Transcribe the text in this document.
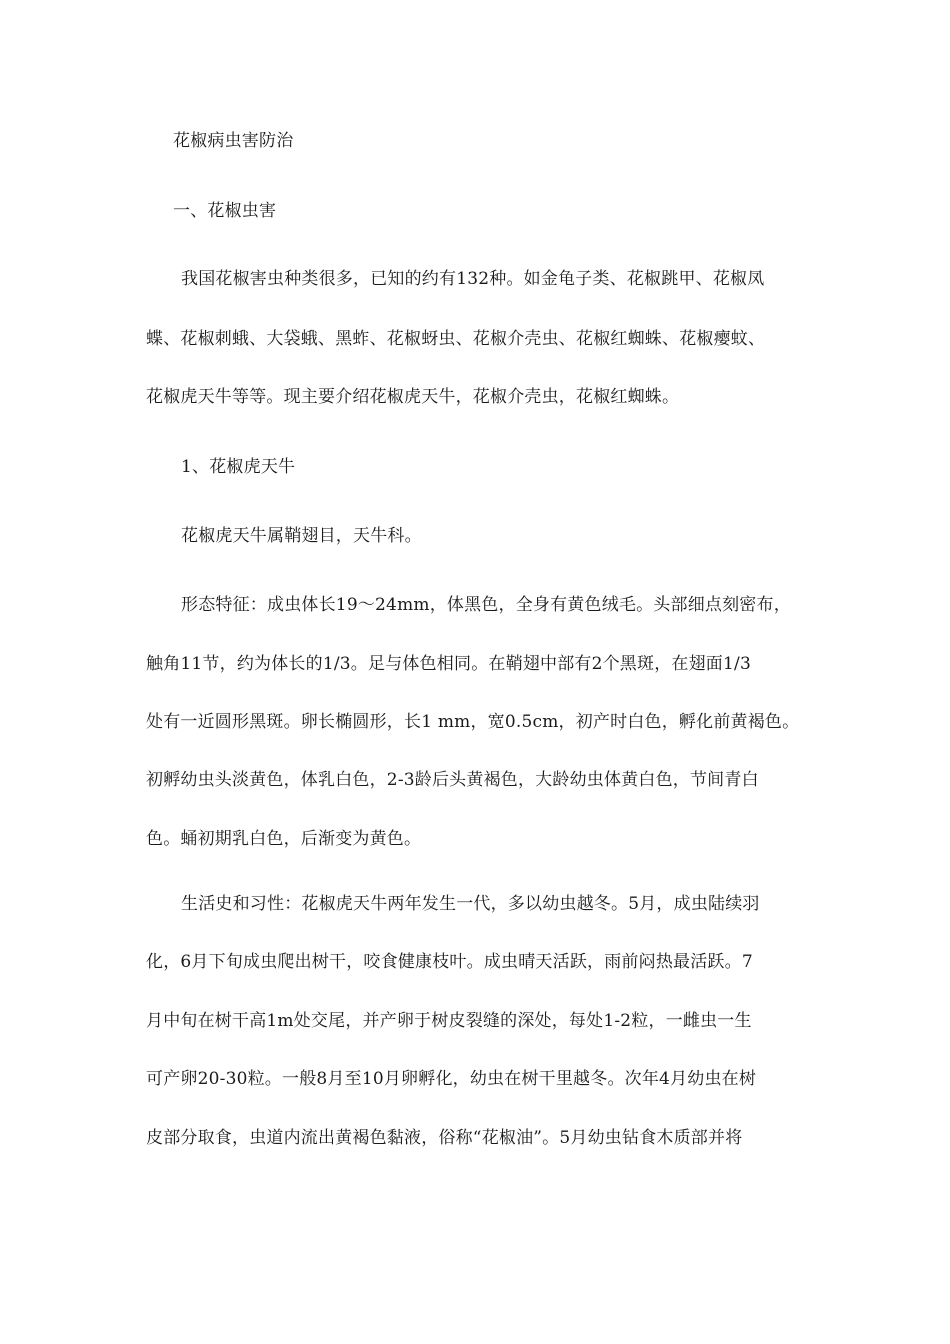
花椒病虫害防治
一、花椒虫害
我国花椒害虫种类很多，已知的约有132种。如金龟子类、花椒跳甲、花椒凤
蝶、花椒刺蛾、大袋蛾、黑蚱、花椒蚜虫、花椒介壳虫、花椒红蜘蛛、花椒瘿蚊、
花椒虎天牛等等。现主要介绍花椒虎天牛，花椒介壳虫，花椒红蜘蛛。
1、花椒虎天牛
花椒虎天牛属鞘翅目，天牛科。
形态特征：成虫体长19～24mm，体黑色，全身有黄色绒毛。头部细点刻密布，
触角11节，约为体长的1/3。足与体色相同。在鞘翅中部有2个黑斑，在翅面1/3
处有一近圆形黑斑。卵长椭圆形，长1 mm，宽0.5cm，初产时白色，孵化前黄褐色。
初孵幼虫头淡黄色，体乳白色，2-3龄后头黄褐色，大龄幼虫体黄白色，节间青白
色。蛹初期乳白色，后渐变为黄色。
生活史和习性：花椒虎天牛两年发生一代，多以幼虫越冬。5月，成虫陆续羽
化，6月下旬成虫爬出树干，咬食健康枝叶。成虫晴天活跃，雨前闷热最活跃。7
月中旬在树干高1m处交尾，并产卵于树皮裂缝的深处，每处1-2粒，一雌虫一生
可产卵20-30粒。一般8月至10月卵孵化，幼虫在树干里越冬。次年4月幼虫在树
皮部分取食，虫道内流出黄褐色黏液，俗称“花椒油”。5月幼虫钻食木质部并将
